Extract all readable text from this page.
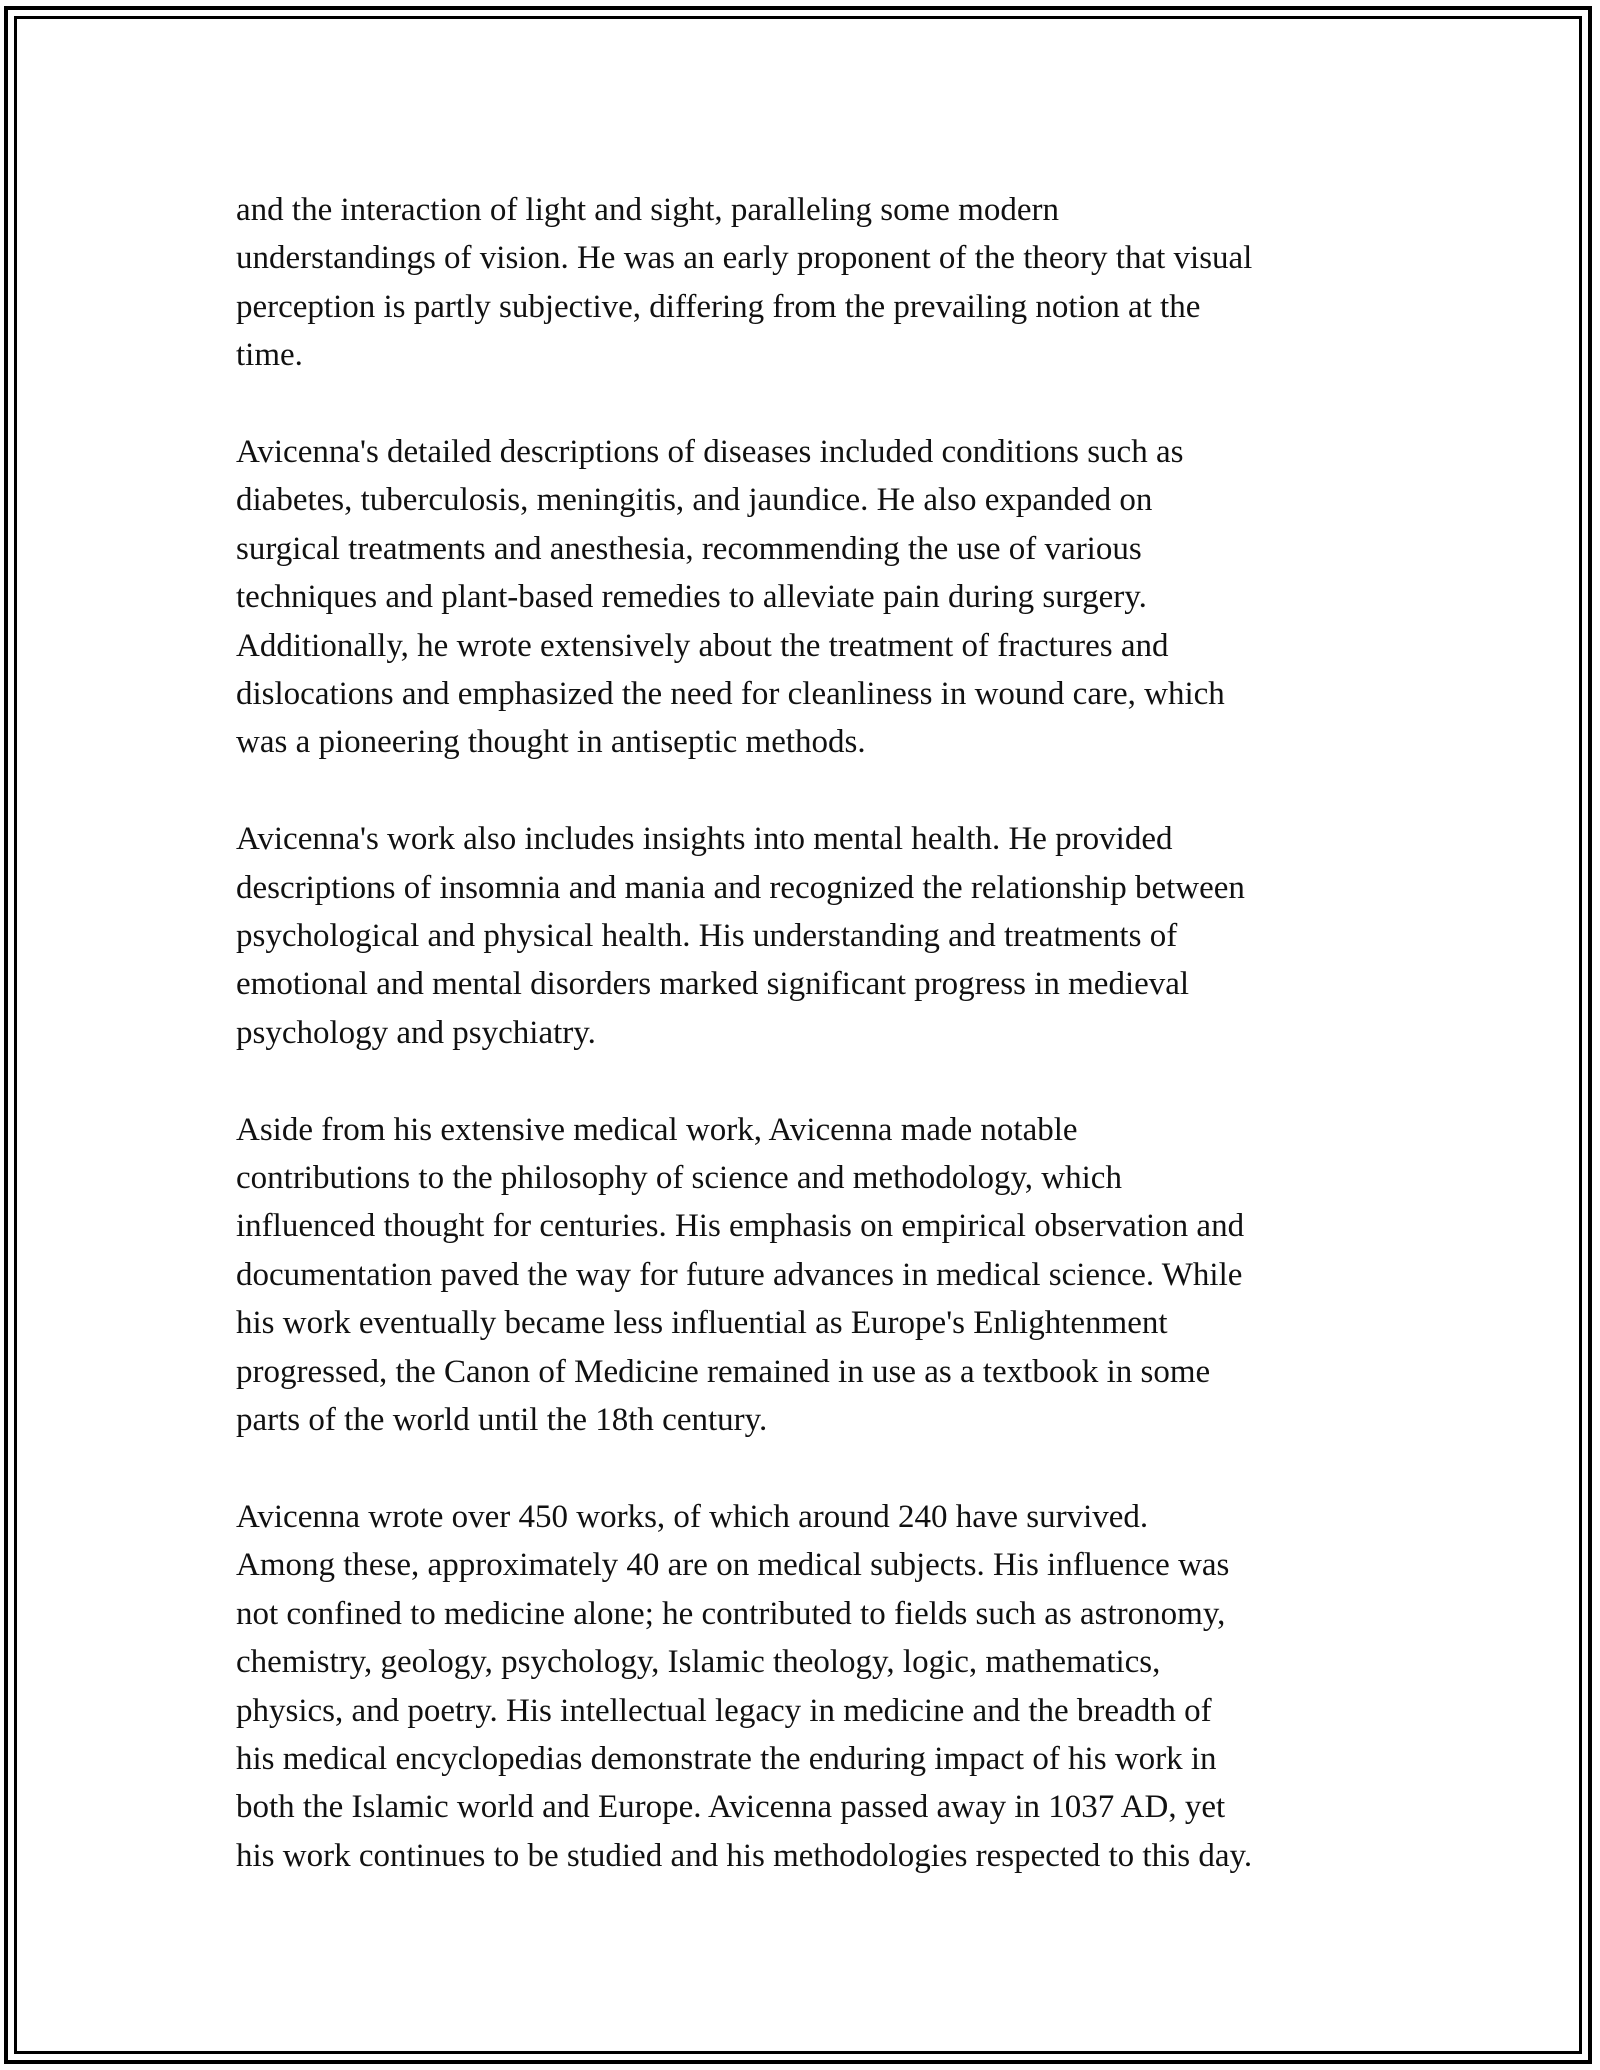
and the interaction of light and sight, paralleling some modern
understandings of vision. He was an early proponent of the theory that visual
perception is partly subjective, differing from the prevailing notion at the
time.

Avicenna's detailed descriptions of diseases included conditions such as
diabetes, tuberculosis, meningitis, and jaundice. He also expanded on
surgical treatments and anesthesia, recommending the use of various
techniques and plant-based remedies to alleviate pain during surgery.
Additionally, he wrote extensively about the treatment of fractures and
dislocations and emphasized the need for cleanliness in wound care, which
was a pioneering thought in antiseptic methods.

Avicenna's work also includes insights into mental health. He provided
descriptions of insomnia and mania and recognized the relationship between
psychological and physical health. His understanding and treatments of
emotional and mental disorders marked significant progress in medieval
psychology and psychiatry.

Aside from his extensive medical work, Avicenna made notable
contributions to the philosophy of science and methodology, which
influenced thought for centuries. His emphasis on empirical observation and
documentation paved the way for future advances in medical science. While
his work eventually became less influential as Europe's Enlightenment
progressed, the Canon of Medicine remained in use as a textbook in some
parts of the world until the 18th century.

Avicenna wrote over 450 works, of which around 240 have survived.
Among these, approximately 40 are on medical subjects. His influence was
not confined to medicine alone; he contributed to fields such as astronomy,
chemistry, geology, psychology, Islamic theology, logic, mathematics,
physics, and poetry. His intellectual legacy in medicine and the breadth of
his medical encyclopedias demonstrate the enduring impact of his work in
both the Islamic world and Europe. Avicenna passed away in 1037 AD, yet
his work continues to be studied and his methodologies respected to this day.
